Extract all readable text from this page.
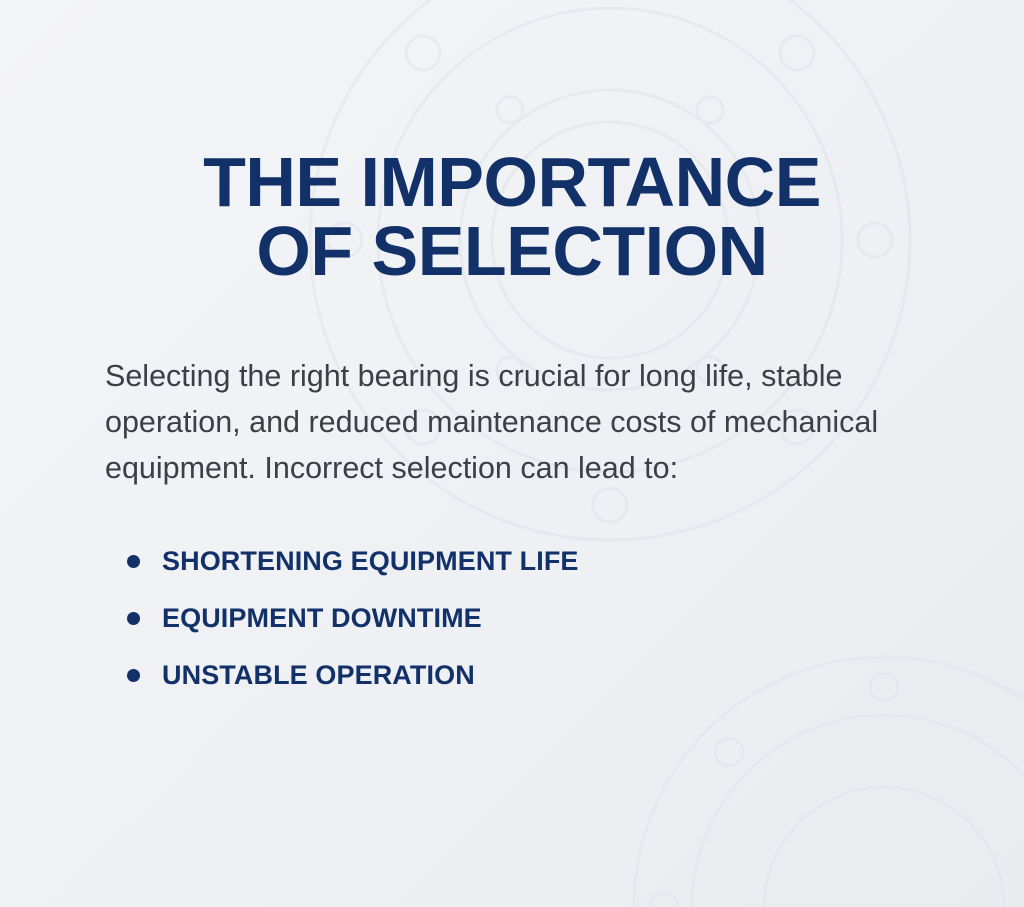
THE IMPORTANCE
OF SELECTION

Selecting the right bearing is crucial for long life, stable operation, and reduced maintenance costs of mechanical equipment. Incorrect selection can lead to:

SHORTENING EQUIPMENT LIFE
EQUIPMENT DOWNTIME
UNSTABLE OPERATION
